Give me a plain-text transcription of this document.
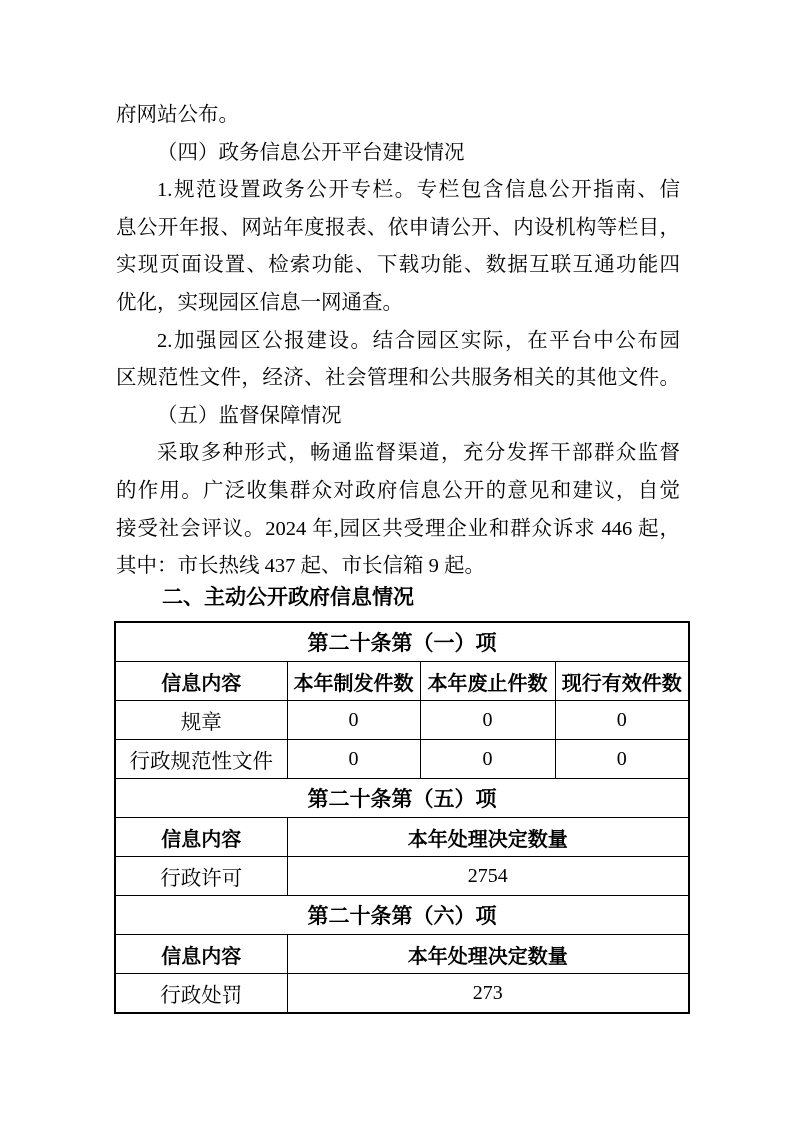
府网站公布。
（四）政务信息公开平台建设情况
1.规范设置政务公开专栏。专栏包含信息公开指南、信
息公开年报、网站年度报表、依申请公开、内设机构等栏目，
实现页面设置、检索功能、下载功能、数据互联互通功能四
优化，实现园区信息一网通查。
2.加强园区公报建设。结合园区实际，在平台中公布园
区规范性文件，经济、社会管理和公共服务相关的其他文件。
（五）监督保障情况
采取多种形式，畅通监督渠道，充分发挥干部群众监督
的作用。广泛收集群众对政府信息公开的意见和建议，自觉
接受社会评议。2024 年,园区共受理企业和群众诉求 446 起，
其中：市长热线 437 起、市长信箱 9 起。
二、主动公开政府信息情况
第二十条第（一）项			
信息内容	本年制发件数	本年废止件数	现行有效件数
规章	0	0	0
行政规范性文件	0	0	0
第二十条第（五）项			
信息内容	本年处理决定数量		
行政许可	2754		
第二十条第（六）项			
信息内容	本年处理决定数量		
行政处罚	273		
